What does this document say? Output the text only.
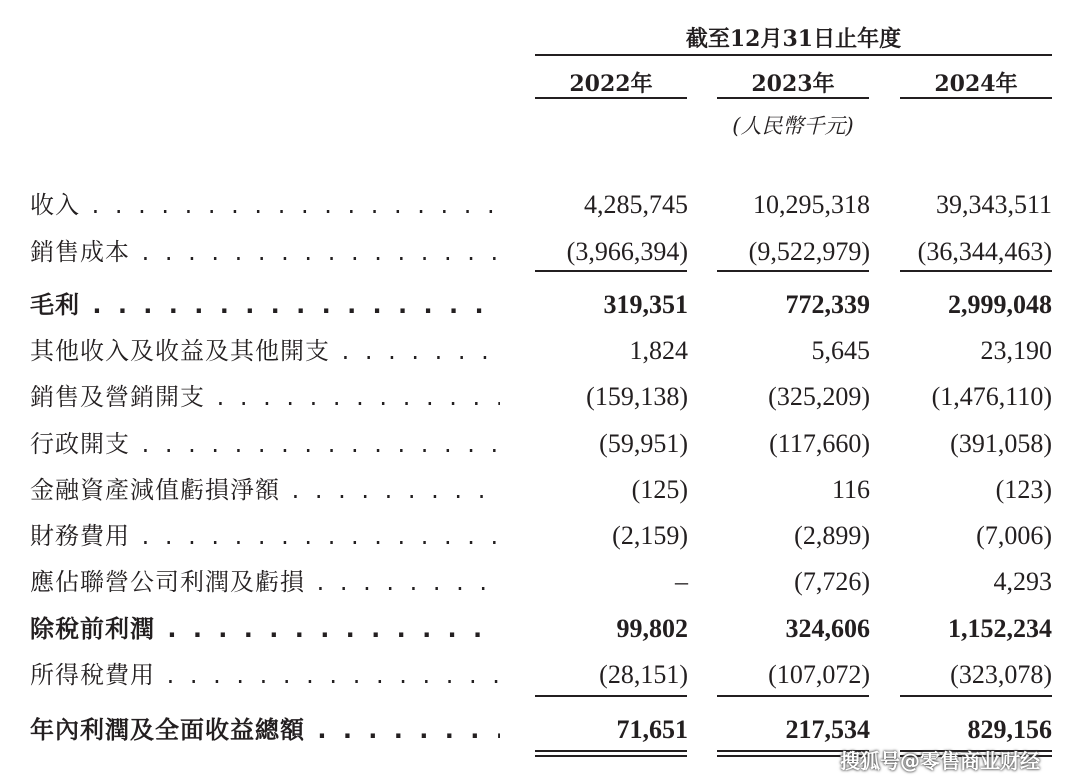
截至12月31日止年度
2022年	2023年	2024年
(人民幣千元)
收入 . . .	4,285,745	10,295,318	39,343,511
銷售成本 . . .	(3,966,394)	(9,522,979)	(36,344,463)
毛利 . . .	319,351	772,339	2,999,048
其他收入及收益及其他開支 . . .	1,824	5,645	23,190
銷售及營銷開支 . . .	(159,138)	(325,209)	(1,476,110)
行政開支 . . .	(59,951)	(117,660)	(391,058)
金融資產減值虧損淨額 . . .	(125)	116	(123)
財務費用 . . .	(2,159)	(2,899)	(7,006)
應佔聯營公司利潤及虧損 . . .	–	(7,726)	4,293
除稅前利潤 . . .	99,802	324,606	1,152,234
所得稅費用 . . .	(28,151)	(107,072)	(323,078)
年內利潤及全面收益總額 . . .	71,651	217,534	829,156
搜狐号@零售商业财经
